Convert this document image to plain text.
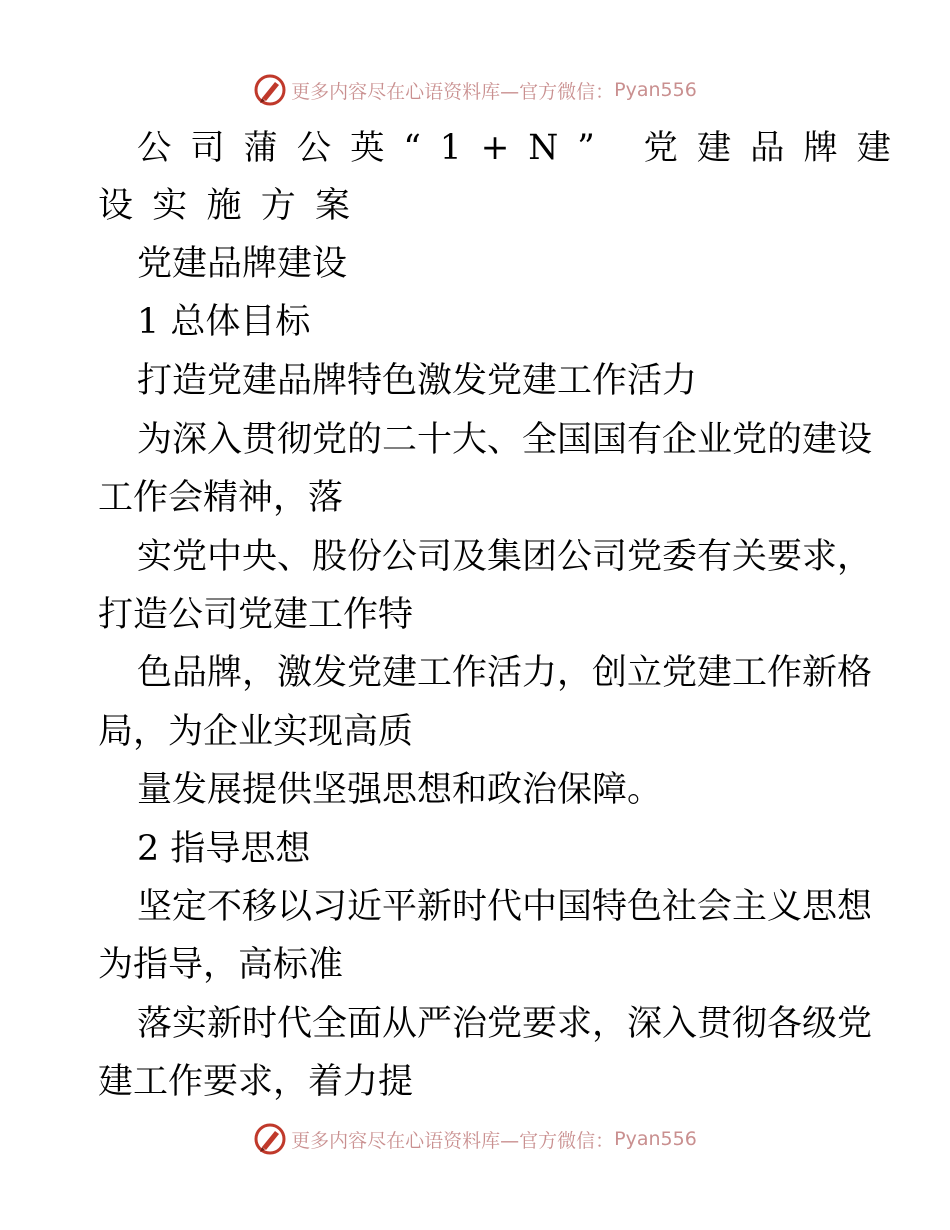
更多内容尽在心语资料库—官方微信： Pyan556
公司蒲公英“1+N” 党建品牌建
设实施方案
党建品牌建设
1 总体目标
打造党建品牌特色激发党建工作活力
为深入贯彻党的二十大、全国国有企业党的建设
工作会精神，落
实党中央、股份公司及集团公司党委有关要求，
打造公司党建工作特
色品牌，激发党建工作活力，创立党建工作新格
局，为企业实现高质
量发展提供坚强思想和政治保障。
2 指导思想
坚定不移以习近平新时代中国特色社会主义思想
为指导，高标准
落实新时代全面从严治党要求，深入贯彻各级党
建工作要求，着力提
更多内容尽在心语资料库—官方微信： Pyan556
